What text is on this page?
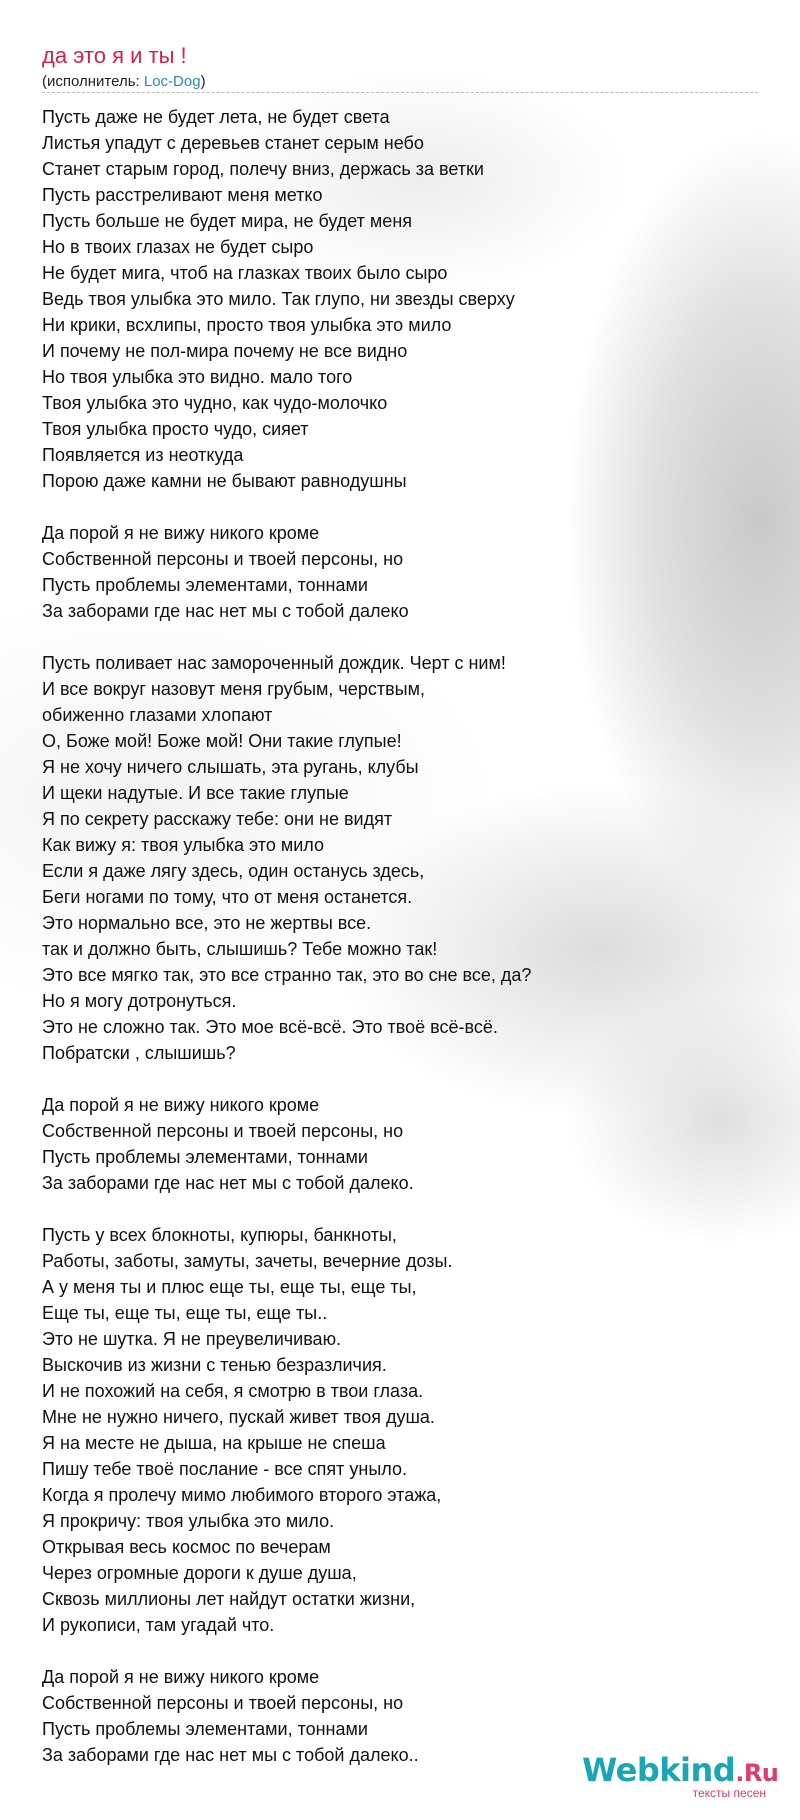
да это я и ты !
(исполнитель: Loc-Dog)
Пусть даже не будет лета, не будет света
Листья упадут с деревьев станет серым небо
Станет старым город, полечу вниз, держась за ветки
Пусть расстреливают меня метко
Пусть больше не будет мира, не будет меня
Но в твоих глазах не будет сыро
Не будет мига, чтоб на глазках твоих было сыро
Ведь твоя улыбка это мило. Так глупо, ни звезды сверху
Ни крики, всхлипы, просто твоя улыбка это мило
И почему не пол-мира почему не все видно
Но твоя улыбка это видно. мало того
Твоя улыбка это чудно, как чудо-молочко
Твоя улыбка просто чудо, сияет
Появляется из неоткуда
Порою даже камни не бывают равнодушны
Да порой я не вижу никого кроме
Собственной персоны и твоей персоны, но
Пусть проблемы элементами, тоннами
За заборами где нас нет мы с тобой далеко
Пусть поливает нас замороченный дождик. Черт с ним!
И все вокруг назовут меня грубым, черствым,
обиженно глазами хлопают
О, Боже мой! Боже мой! Они такие глупые!
Я не хочу ничего слышать, эта ругань, клубы
И щеки надутые. И все такие глупые
Я по секрету расскажу тебе: они не видят
Как вижу я: твоя улыбка это мило
Если я даже лягу здесь, один останусь здесь,
Беги ногами по тому, что от меня останется.
Это нормально все, это не жертвы все.
так и должно быть, слышишь? Тебе можно так!
Это все мягко так, это все странно так, это во сне все, да?
Но я могу дотронуться.
Это не сложно так. Это мое всё-всё. Это твоё всё-всё.
Побратски , слышишь?
Да порой я не вижу никого кроме
Собственной персоны и твоей персоны, но
Пусть проблемы элементами, тоннами
За заборами где нас нет мы с тобой далеко.
Пусть у всех блокноты, купюры, банкноты,
Работы, заботы, замуты, зачеты, вечерние дозы.
А у меня ты и плюс еще ты, еще ты, еще ты,
Еще ты, еще ты, еще ты, еще ты..
Это не шутка. Я не преувеличиваю.
Выскочив из жизни с тенью безразличия.
И не похожий на себя, я смотрю в твои глаза.
Мне не нужно ничего, пускай живет твоя душа.
Я на месте не дыша, на крыше не спеша
Пишу тебе твоё послание - все спят уныло.
Когда я пролечу мимо любимого второго этажа,
Я прокричу: твоя улыбка это мило.
Открывая весь космос по вечерам
Через огромные дороги к душе душа,
Сквозь миллионы лет найдут остатки жизни,
И рукописи, там угадай что.
Да порой я не вижу никого кроме
Собственной персоны и твоей персоны, но
Пусть проблемы элементами, тоннами
За заборами где нас нет мы с тобой далеко..	Webkind.Ru
тексты песен
